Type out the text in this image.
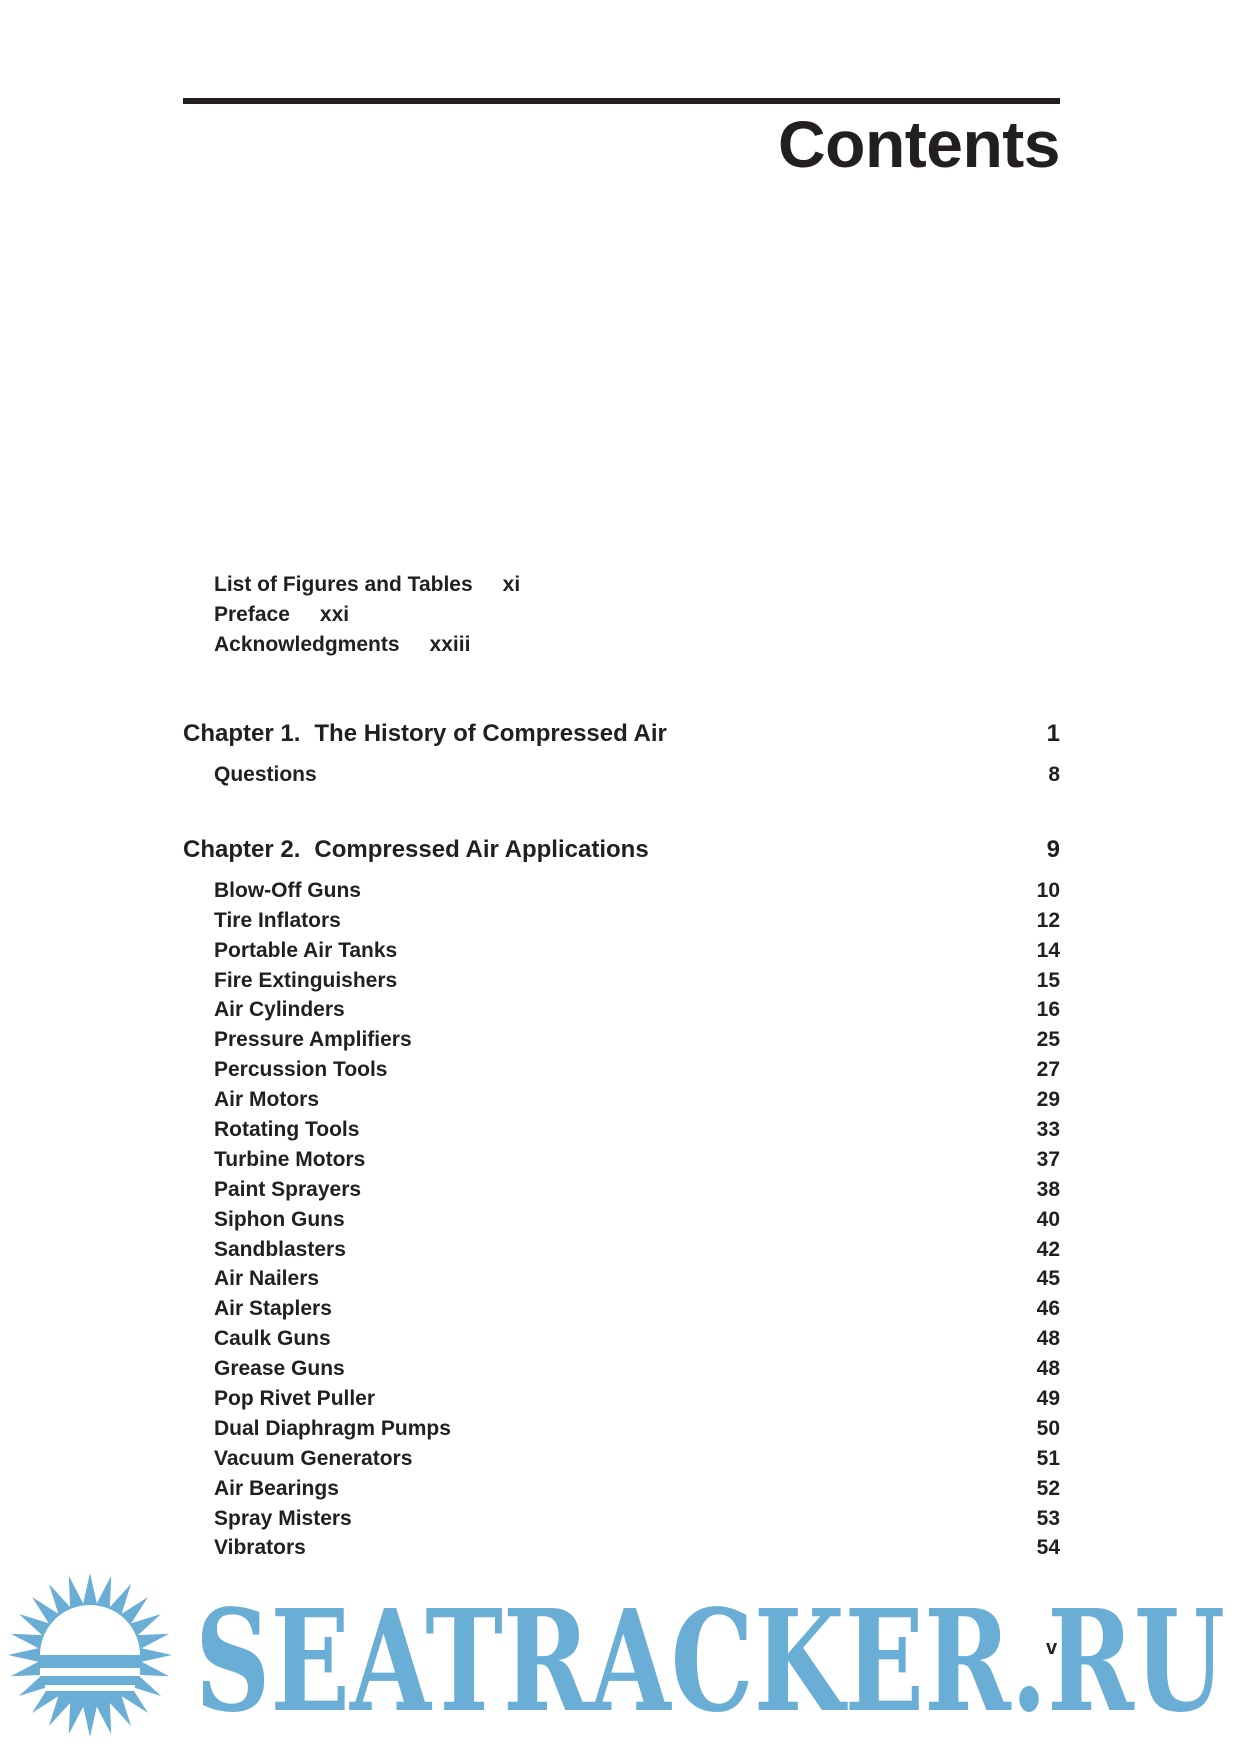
Contents
List of Figures and Tables xi
Preface xxi
Acknowledgments xxiii
Chapter 1. The History of Compressed Air	1
Questions	8
Chapter 2. Compressed Air Applications	9
Blow-Off Guns	10
Tire Inflators	12
Portable Air Tanks	14
Fire Extinguishers	15
Air Cylinders	16
Pressure Amplifiers	25
Percussion Tools	27
Air Motors	29
Rotating Tools	33
Turbine Motors	37
Paint Sprayers	38
Siphon Guns	40
Sandblasters	42
Air Nailers	45
Air Staplers	46
Caulk Guns	48
Grease Guns	48
Pop Rivet Puller	49
Dual Diaphragm Pumps	50
Vacuum Generators	51
Air Bearings	52
Spray Misters	53
Vibrators	54
SEATRACKER.RU
v
